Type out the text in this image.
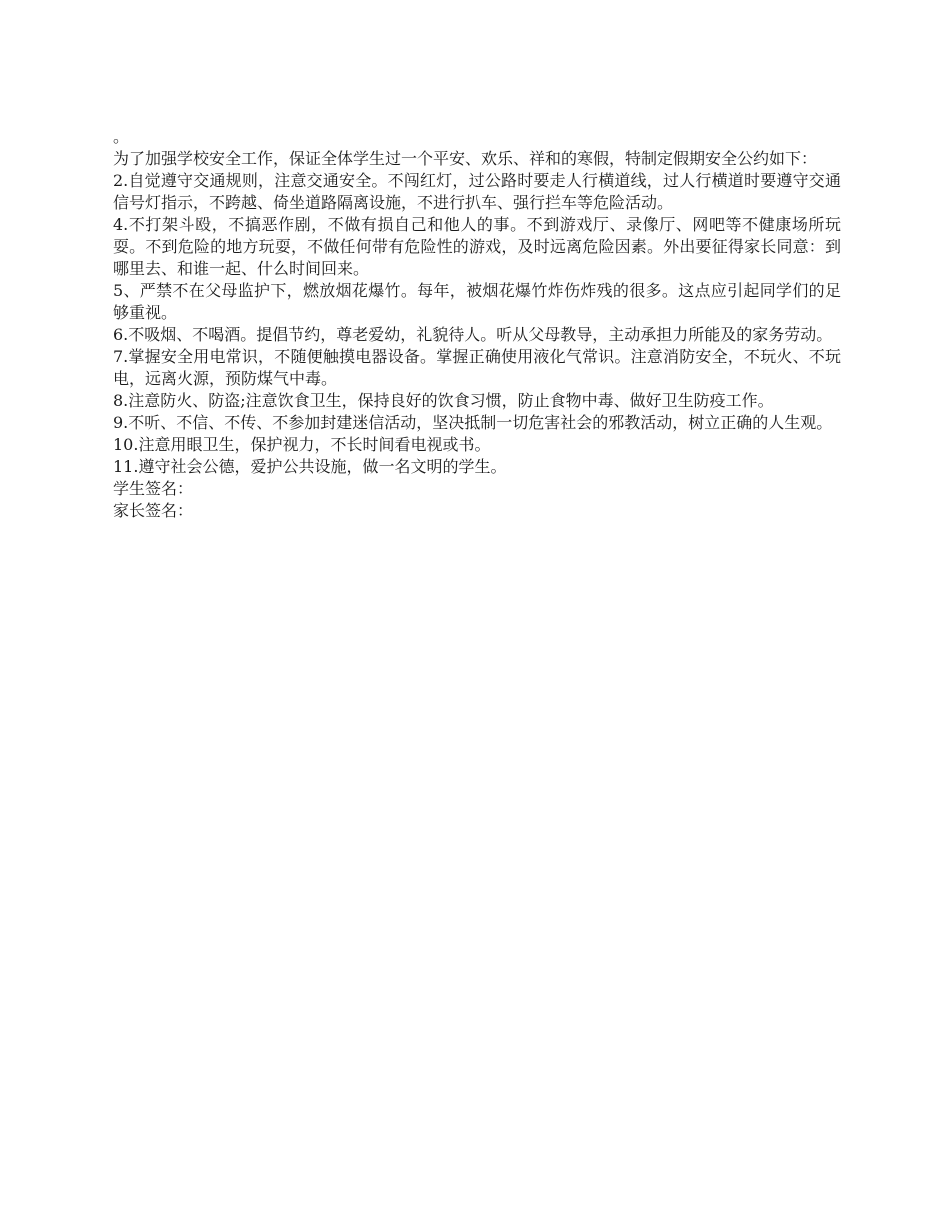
。

为了加强学校安全工作，保证全体学生过一个平安、欢乐、祥和的寒假，特制定假期安全公约如下：

2.自觉遵守交通规则，注意交通安全。不闯红灯，过公路时要走人行横道线，过人行横道时要遵守交通信号灯指示，不跨越、倚坐道路隔离设施，不进行扒车、强行拦车等危险活动。

4.不打架斗殴，不搞恶作剧，不做有损自己和他人的事。不到游戏厅、录像厅、网吧等不健康场所玩耍。不到危险的地方玩耍，不做任何带有危险性的游戏，及时远离危险因素。外出要征得家长同意：到哪里去、和谁一起、什么时间回来。

5、严禁不在父母监护下，燃放烟花爆竹。每年，被烟花爆竹炸伤炸残的很多。这点应引起同学们的足够重视。

6.不吸烟、不喝酒。提倡节约，尊老爱幼，礼貌待人。听从父母教导，主动承担力所能及的家务劳动。

7.掌握安全用电常识，不随便触摸电器设备。掌握正确使用液化气常识。注意消防安全，不玩火、不玩电，远离火源，预防煤气中毒。

8.注意防火、防盗;注意饮食卫生，保持良好的饮食习惯，防止食物中毒、做好卫生防疫工作。

9.不听、不信、不传、不参加封建迷信活动，坚决抵制一切危害社会的邪教活动，树立正确的人生观。

10.注意用眼卫生，保护视力，不长时间看电视或书。

11.遵守社会公德，爱护公共设施，做一名文明的学生。

学生签名：

家长签名：
